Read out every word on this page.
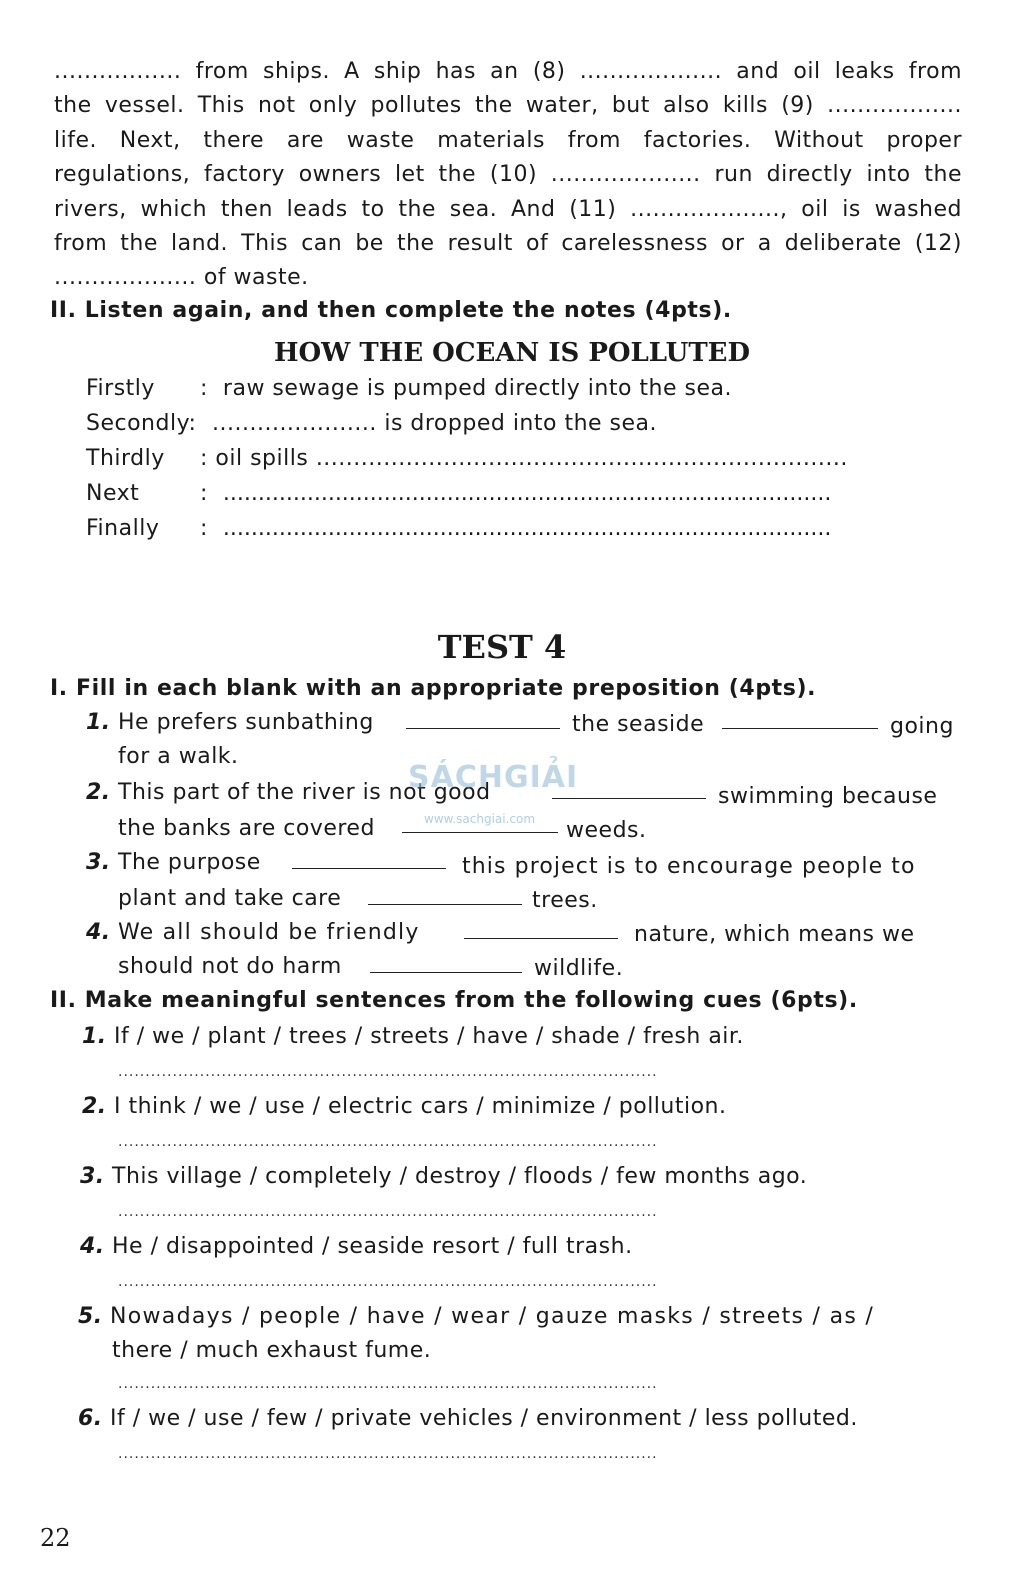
................. from ships. A ship has an (8) ................... and oil leaks from
the vessel. This not only pollutes the water, but also kills (9) ..................
life. Next, there are waste materials from factories. Without proper
regulations, factory owners let the (10) .................... run directly into the
rivers, which then leads to the sea. And (11) ...................., oil is washed
from the land. This can be the result of carelessness or a deliberate (12)
................... of waste.
II. Listen again, and then complete the notes (4pts).
HOW THE OCEAN IS POLLUTED
Firstly : raw sewage is pumped directly into the sea.
Secondly: ...................... is dropped into the sea.
Thirdly : oil spills .......................................................................
Next	: .......................................................................................
Finally : .......................................................................................
TEST 4
I. Fill in each blank with an appropriate preposition (4pts).
1. He prefers sunbathing	the seaside	going
for a walk.
2. This part of the river is not good	swimming because
the banks are covered	weeds.
3. The purpose	this project is to encourage people to
plant and take care	trees.
4. We all should be friendly	nature, which means we
should not do harm	wildlife.
II. Make meaningful sentences from the following cues (6pts).
1. If / we / plant / trees / streets / have / shade / fresh air.
...................................................................................................
2. I think / we / use / electric cars / minimize / pollution.
...................................................................................................
3. This village / completely / destroy / floods / few months ago.
...................................................................................................
4. He / disappointed / seaside resort / full trash.
...................................................................................................
5. Nowadays / people / have / wear / gauze masks / streets / as /
there / much exhaust fume.
...................................................................................................
6. If / we / use / few / private vehicles / environment / less polluted.
...................................................................................................
SÁCHGIẢI
www.sachgiai.com
22
